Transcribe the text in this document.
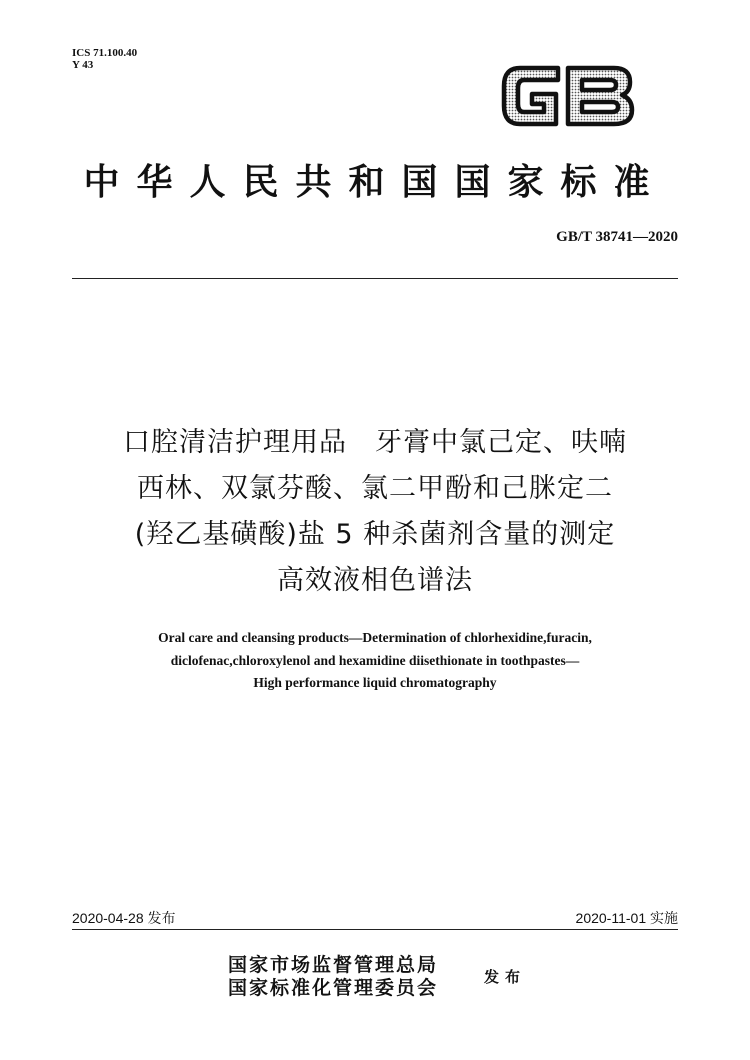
ICS 71.100.40
Y 43
中华人民共和国国家标准
GB/T 38741—2020
口腔清洁护理用品　牙膏中氯己定、呋喃
西林、双氯芬酸、氯二甲酚和己脒定二
(羟乙基磺酸)盐 5 种杀菌剂含量的测定
高效液相色谱法
Oral care and cleansing products—Determination of chlorhexidine,furacin,
diclofenac,chloroxylenol and hexamidine diisethionate in toothpastes—
High performance liquid chromatography
2020-04-28 发布	2020-11-01 实施
国家市场监督管理总局
国家标准化管理委员会	发布
